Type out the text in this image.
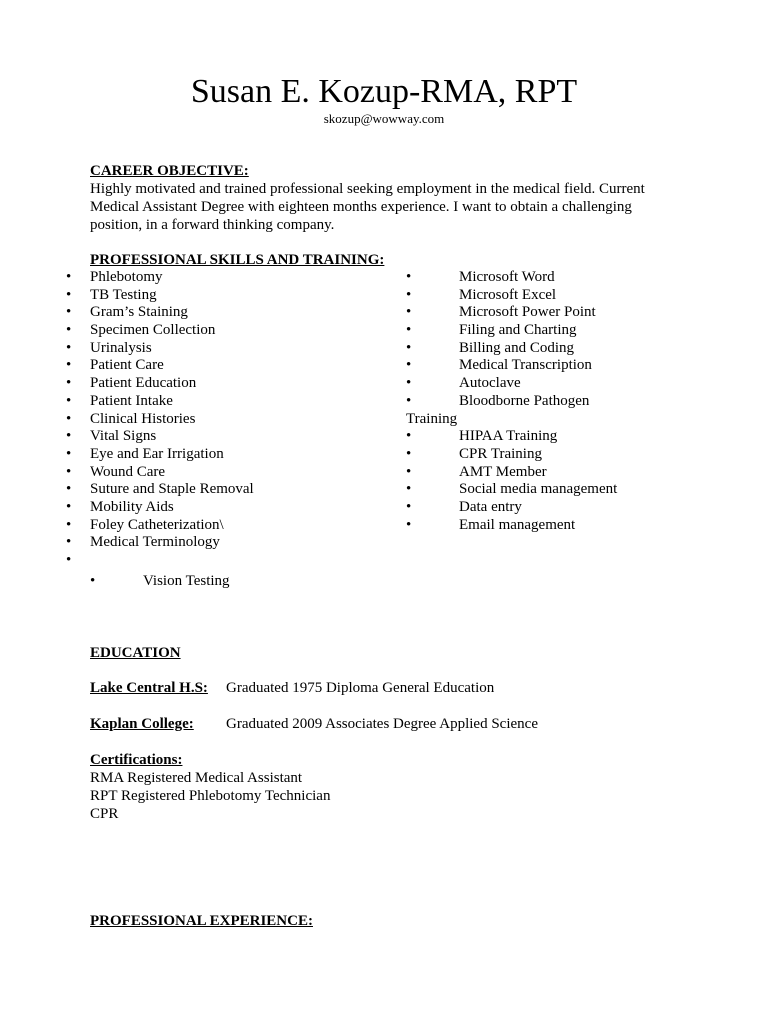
Susan E. Kozup-RMA, RPT
skozup@wowway.com
CAREER OBJECTIVE:
Highly motivated and trained professional seeking employment in the medical field. Current
Medical Assistant Degree with eighteen months experience. I want to obtain a challenging
position, in a forward thinking company.
PROFESSIONAL SKILLS AND TRAINING:
• Phlebotomy
• TB Testing
• Gram’s Staining
• Specimen Collection
• Urinalysis
• Patient Care
• Patient Education
• Patient Intake
• Clinical Histories
• Vital Signs
• Eye and Ear Irrigation
• Wound Care
• Suture and Staple Removal
• Mobility Aids
• Foley Catheterization\
• Medical Terminology
•
•	Microsoft Word
•	Microsoft Excel
•	Microsoft Power Point
•	Filing and Charting
•	Billing and Coding
•	Medical Transcription
•	Autoclave
•	Bloodborne Pathogen
Training
•	HIPAA Training
•	CPR Training
•	AMT Member
•	Social media management
•	Data entry
•	Email management
•	Vision Testing
EDUCATION
Lake Central H.S: Graduated 1975 Diploma General Education
Kaplan College: Graduated 2009 Associates Degree Applied Science
Certifications:
RMA Registered Medical Assistant
RPT Registered Phlebotomy Technician
CPR
PROFESSIONAL EXPERIENCE:
